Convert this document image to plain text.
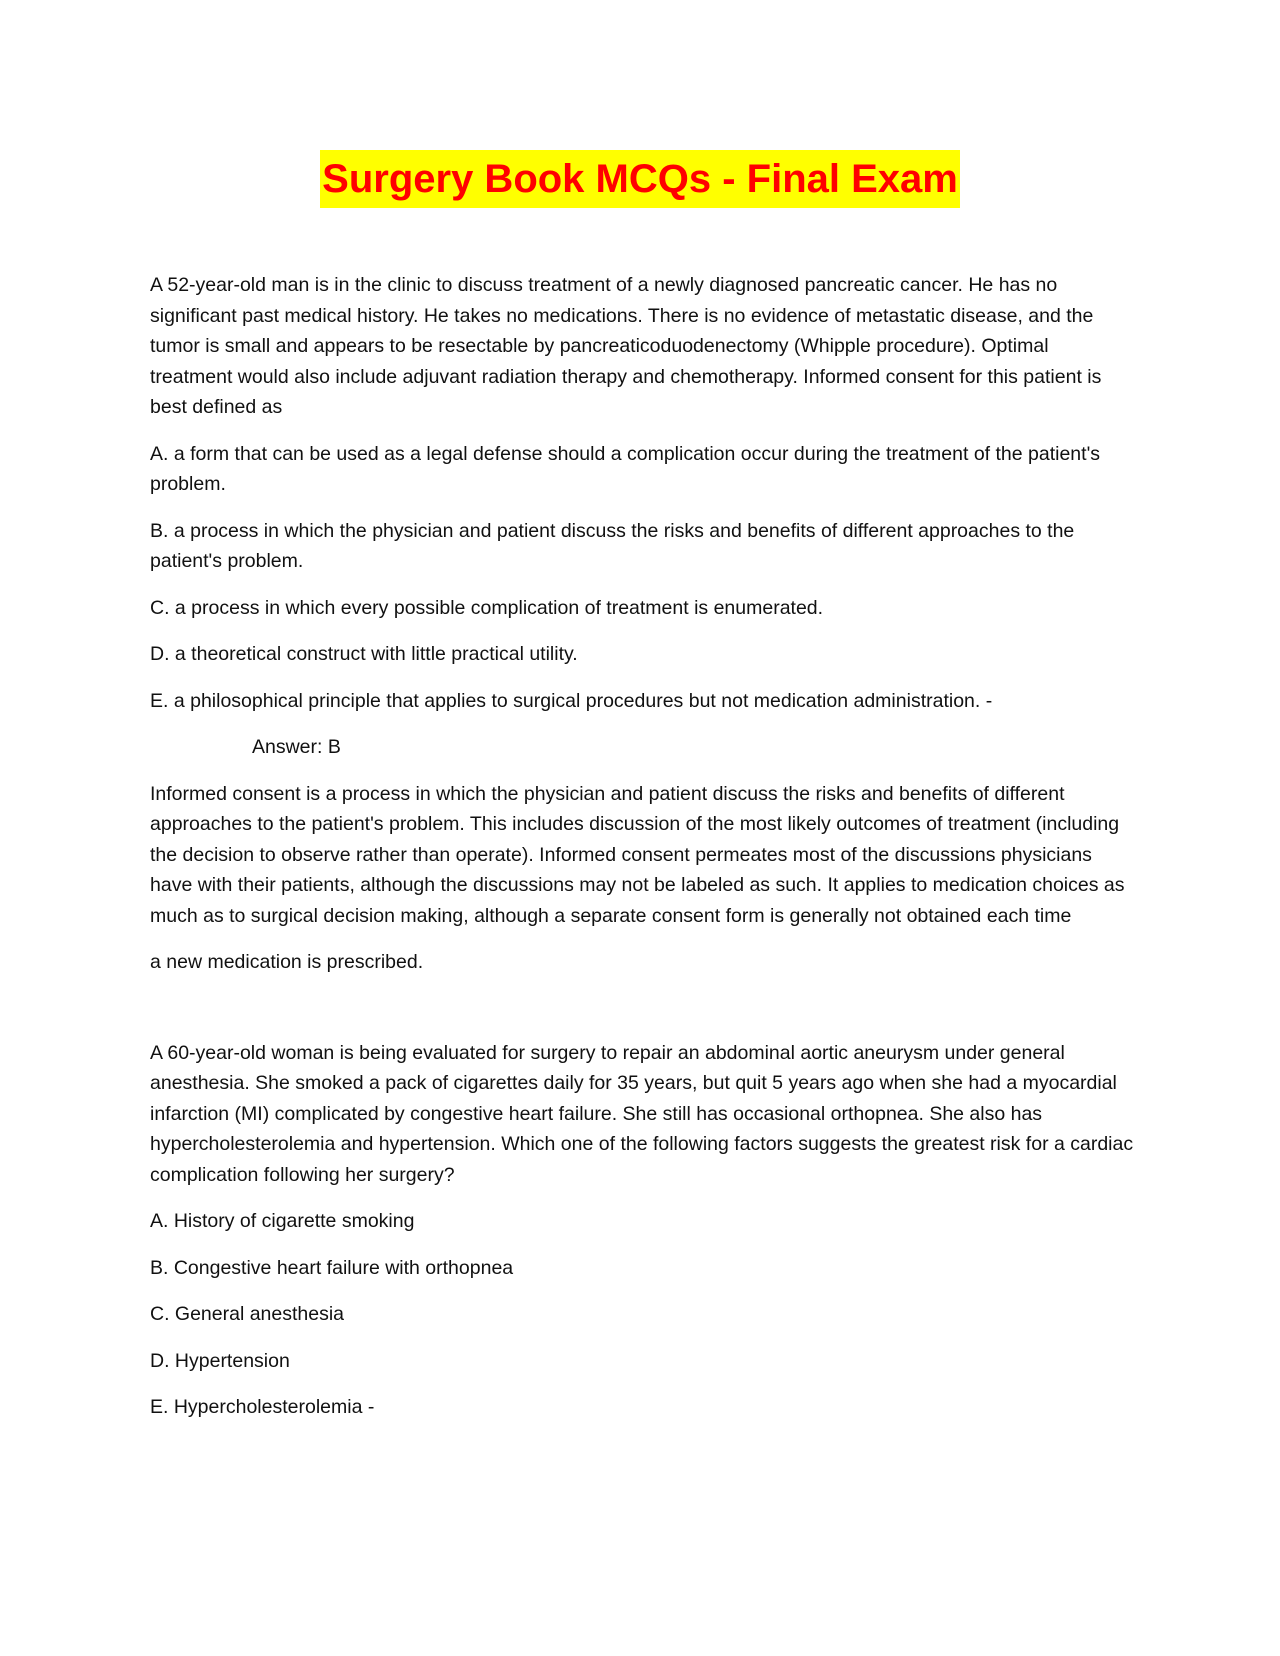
Surgery Book MCQs - Final Exam

A 52-year-old man is in the clinic to discuss treatment of a newly diagnosed pancreatic cancer. He has no significant past medical history. He takes no medications. There is no evidence of metastatic disease, and the tumor is small and appears to be resectable by pancreaticoduodenectomy (Whipple procedure). Optimal treatment would also include adjuvant radiation therapy and chemotherapy. Informed consent for this patient is best defined as

A. a form that can be used as a legal defense should a complication occur during the treatment of the patient's problem.

B. a process in which the physician and patient discuss the risks and benefits of different approaches to the patient's problem.

C. a process in which every possible complication of treatment is enumerated.

D. a theoretical construct with little practical utility.

E. a philosophical principle that applies to surgical procedures but not medication administration. -

Answer: B

Informed consent is a process in which the physician and patient discuss the risks and benefits of different approaches to the patient's problem. This includes discussion of the most likely outcomes of treatment (including the decision to observe rather than operate). Informed consent permeates most of the discussions physicians have with their patients, although the discussions may not be labeled as such. It applies to medication choices as much as to surgical decision making, although a separate consent form is generally not obtained each time

a new medication is prescribed.

A 60-year-old woman is being evaluated for surgery to repair an abdominal aortic aneurysm under general anesthesia. She smoked a pack of cigarettes daily for 35 years, but quit 5 years ago when she had a myocardial infarction (MI) complicated by congestive heart failure. She still has occasional orthopnea. She also has hypercholesterolemia and hypertension. Which one of the following factors suggests the greatest risk for a cardiac complication following her surgery?

A. History of cigarette smoking

B. Congestive heart failure with orthopnea

C. General anesthesia

D. Hypertension

E. Hypercholesterolemia -
